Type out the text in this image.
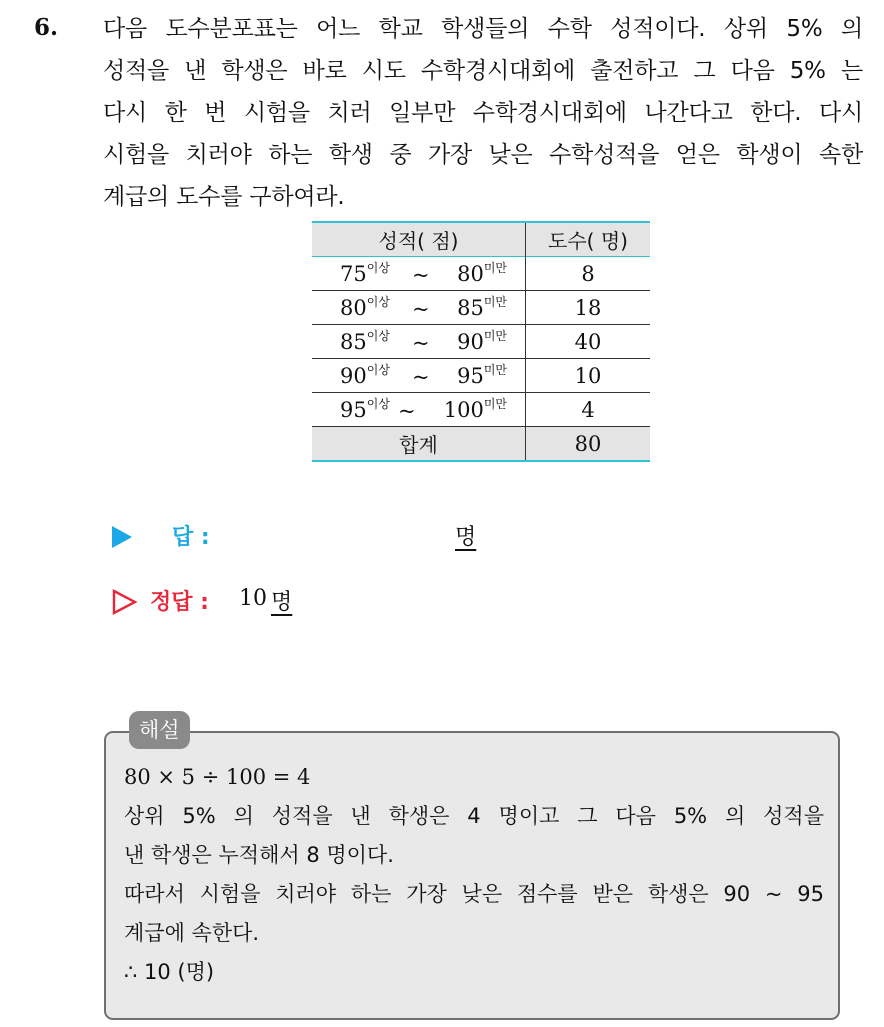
6. 다음 도수분포표는 어느 학교 학생들의 수학 성적이다. 상위 5% 의
성적을 낸 학생은 바로 시도 수학경시대회에 출전하고 그 다음 5% 는
다시 한 번 시험을 치러 일부만 수학경시대회에 나간다고 한다. 다시
시험을 치러야 하는 학생 중 가장 낮은 수학성적을 얻은 학생이 속한
계급의 도수를 구하여라.
성적( 점)	도수( 명)

$75^{이상}$ ~ $80^{미만}$	8

$80^{이상}$ ~ $85^{미만}$	18

$85^{이상}$ ~ $90^{미만}$	40

$90^{이상}$ ~ $95^{미만}$	10

$95^{이상}$ ~ $100^{미만}$	4
합계	80
답 :	명
정답 : 10 명
해설
80 × 5 ÷ 100 = 4
상위 5% 의 성적을 낸 학생은 4 명이고 그 다음 5% 의 성적을
낸 학생은 누적해서 8 명이다.
따라서 시험을 치러야 하는 가장 낮은 점수를 받은 학생은 90 ~ 95
계급에 속한다.
∴ 10 (명)
